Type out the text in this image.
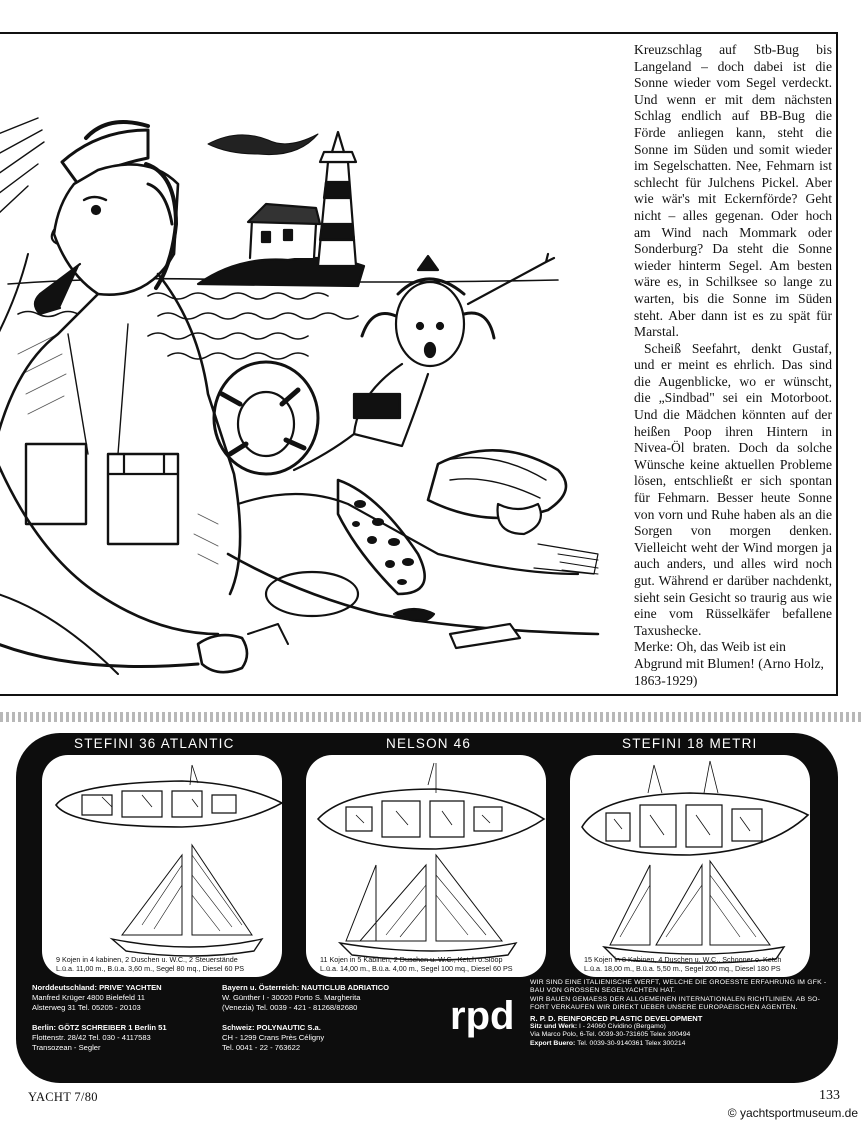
Kreuzschlag auf Stb-Bug bis Langeland – doch dabei ist die Sonne wieder vom Segel verdeckt. Und wenn er mit dem nächsten Schlag endlich auf BB-Bug die Förde anliegen kann, steht die Sonne im Süden und somit wieder im Segelschatten. Nee, Fehmarn ist schlecht für Julchens Pickel. Aber wie wär's mit Eckernförde? Geht nicht – alles gegenan. Oder hoch am Wind nach Mommark oder Sonderburg? Da steht die Sonne wieder hinterm Segel. Am besten wäre es, in Schilksee so lange zu warten, bis die Sonne im Süden steht. Aber dann ist es zu spät für Marstal.

Scheiß Seefahrt, denkt Gustaf, und er meint es ehrlich. Das sind die Augenblicke, wo er wünscht, die „Sindbad" sei ein Motorboot. Und die Mädchen könnten auf der heißen Poop ihren Hintern in Nivea-Öl braten. Doch da solche Wünsche keine aktuellen Probleme lösen, entschließt er sich spontan für Fehmarn. Besser heute Sonne von vorn und Ruhe haben als an die Sorgen von morgen denken. Vielleicht weht der Wind morgen ja auch anders, und alles wird noch gut. Während er darüber nachdenkt, sieht sein Gesicht so traurig aus wie eine vom Rüsselkäfer befallene Taxushecke.

Merke: Oh, das Weib ist ein Abgrund mit Blumen! (Arno Holz, 1863-1929)

STEFINI 36 ATLANTIC	NELSON 46	STEFINI 18 METRI
9 Kojen in 4 kabinen, 2 Duschen u. W.C., 2 Steuerstände
L.ü.a. 11,00 m., B.ü.a. 3,60 m., Segel 80 mq., Diesel 60 PS
11 Kojen in 5 Kabinen, 2 Duschen u. W.C., Ketch o.Sloop
L.ü.a. 14,00 m., B.ü.a. 4,00 m., Segel 100 mq., Diesel 60 PS
15 Kojen in 8 Kabinen, 4 Duschen u. W.C., Schooner o. Ketch
L.ü.a. 18,00 m., B.ü.a. 5,50 m., Segel 200 mq., Diesel 180 PS
Norddeutschland: PRIVE' YACHTEN
Manfred Krüger 4800 Bielefeld 11
Alsterweg 31 Tel. 05205 - 20103
Berlin: GÖTZ SCHREIBER 1 Berlin 51
Flottenstr. 28/42 Tel. 030 - 4117583
Transozean - Segler
Bayern u. Österreich: NAUTICLUB ADRIATICO
W. Günther I - 30020 Porto S. Margherita
(Venezia) Tel. 0039 - 421 - 81268/82680
Schweiz: POLYNAUTIC S.a.
CH - 1299 Crans Près Céligny
Tel. 0041 - 22 - 763622
rpd
WIR SIND EINE ITALIENISCHE WERFT, WELCHE DIE GROESSTE ERFAHRUNG IM GFK - BAU VON GROSSEN SEGELYACHTEN HAT.
WIR BAUEN GEMAESS DER ALLGEMEINEN INTERNATIONALEN RICHTLINIEN. AB SO- FORT VERKAUFEN WIR DIREKT UEBER UNSERE EUROPAEISCHEN AGENTEN.
R. P. D. REINFORCED PLASTIC DEVELOPMENT
Sitz und Werk: I - 24060 Cividino (Bergamo)
Via Marco Polo, 6-Tel. 0039-30-731605 Telex 300494
Export Buero: Tel. 0039-30-9140361 Telex 300214
YACHT 7/80	133
© yachtsportmuseum.de
